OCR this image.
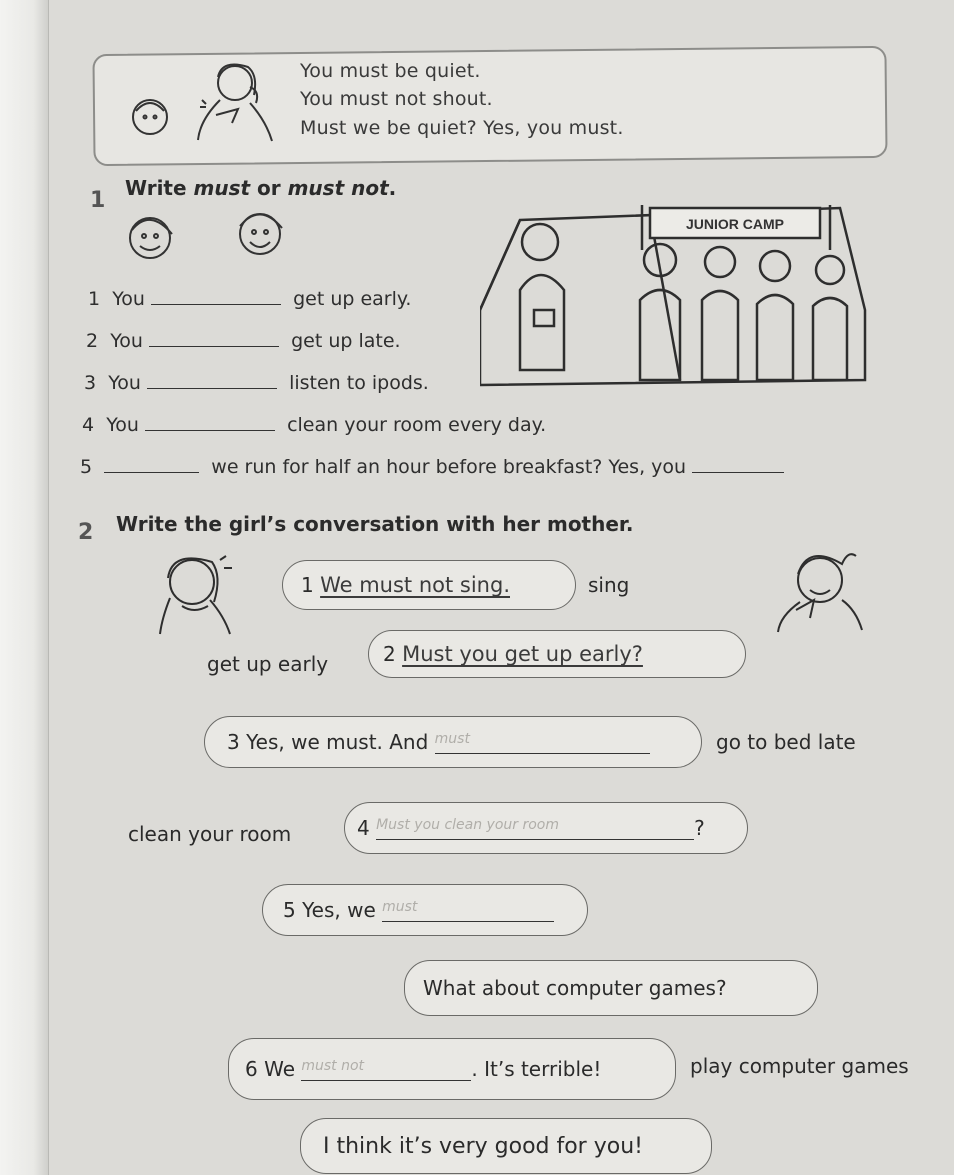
You must be quiet.
You must not shout.
Must we be quiet? Yes, you must.
1 Write must or must not.
JUNIOR CAMP
1 You	get up early.
2 You	get up late.
3 You	listen to ipods.
4 You	clean your room every day.
5	we run for half an hour before breakfast? Yes, you
2 Write the girl’s conversation with her mother.
1
We must not sing.	sing
get up early	2
Must you get up early?
3
Yes, we must. And
must	go to bed late
clean your room	4
Must you clean your room	?
5
Yes, we
must
What about computer games?
6
We
must not	. It’s terrible!	play computer games
I think it’s very good for you!
